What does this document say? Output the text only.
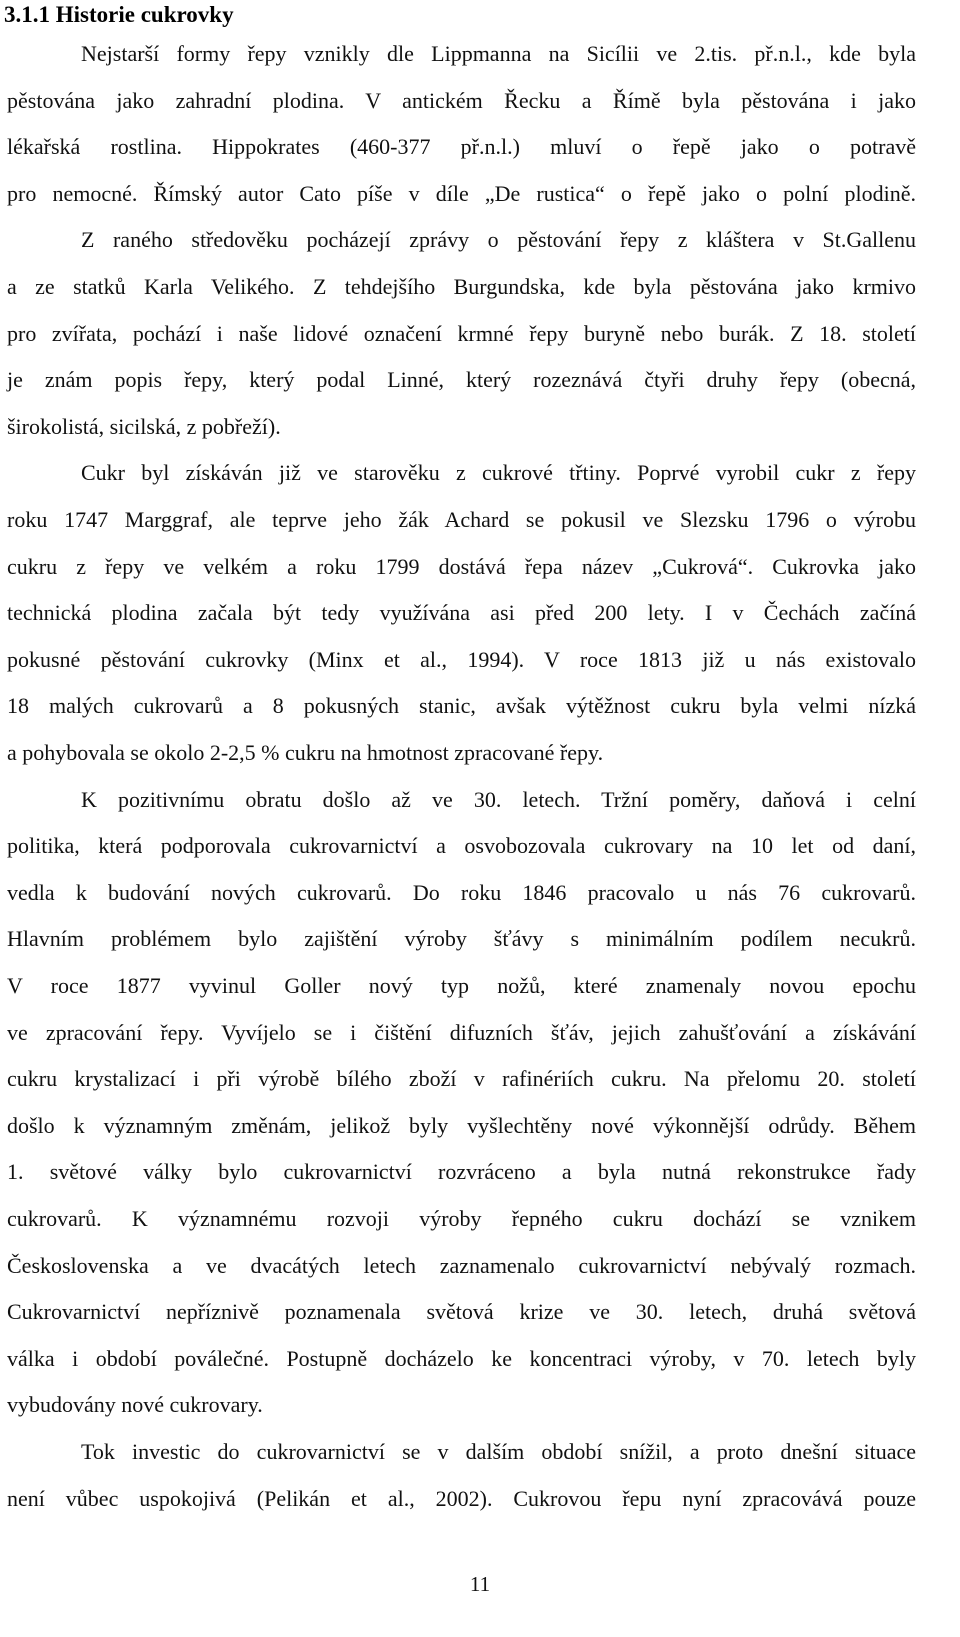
3.1.1 Historie cukrovky
Nejstarší formy řepy vznikly dle Lippmanna na Sicílii ve 2.tis. př.n.l., kde byla
pěstována jako zahradní plodina. V antickém Řecku a Římě byla pěstována i jako
lékařská rostlina. Hippokrates (460-377 př.n.l.) mluví o řepě jako o potravě
pro nemocné. Římský autor Cato píše v díle „De rustica“ o řepě jako o polní plodině.
Z raného středověku pocházejí zprávy o pěstování řepy z kláštera v St.Gallenu
a ze statků Karla Velikého. Z tehdejšího Burgundska, kde byla pěstována jako krmivo
pro zvířata, pochází i naše lidové označení krmné řepy buryně nebo burák. Z 18. století
je znám popis řepy, který podal Linné, který rozeznává čtyři druhy řepy (obecná,
širokolistá, sicilská, z pobřeží).
Cukr byl získáván již ve starověku z cukrové třtiny. Poprvé vyrobil cukr z řepy
roku 1747 Marggraf, ale teprve jeho žák Achard se pokusil ve Slezsku 1796 o výrobu
cukru z řepy ve velkém a roku 1799 dostává řepa název „Cukrová“. Cukrovka jako
technická plodina začala být tedy využívána asi před 200 lety. I v Čechách začíná
pokusné pěstování cukrovky (Minx et al., 1994). V roce 1813 již u nás existovalo
18 malých cukrovarů a 8 pokusných stanic, avšak výtěžnost cukru byla velmi nízká
a pohybovala se okolo 2-2,5 % cukru na hmotnost zpracované řepy.
K pozitivnímu obratu došlo až ve 30. letech. Tržní poměry, daňová i celní
politika, která podporovala cukrovarnictví a osvobozovala cukrovary na 10 let od daní,
vedla k budování nových cukrovarů. Do roku 1846 pracovalo u nás 76 cukrovarů.
Hlavním problémem bylo zajištění výroby šťávy s minimálním podílem necukrů.
V roce 1877 vyvinul Goller nový typ nožů, které znamenaly novou epochu
ve zpracování řepy. Vyvíjelo se i čištění difuzních šťáv, jejich zahušťování a získávání
cukru krystalizací i při výrobě bílého zboží v rafinériích cukru. Na přelomu 20. století
došlo k významným změnám, jelikož byly vyšlechtěny nové výkonnější odrůdy. Během
1. světové války bylo cukrovarnictví rozvráceno a byla nutná rekonstrukce řady
cukrovarů. K významnému rozvoji výroby řepného cukru dochází se vznikem
Československa a ve dvacátých letech zaznamenalo cukrovarnictví nebývalý rozmach.
Cukrovarnictví nepříznivě poznamenala světová krize ve 30. letech, druhá světová
válka i období poválečné. Postupně docházelo ke koncentraci výroby, v 70. letech byly
vybudovány nové cukrovary.
Tok investic do cukrovarnictví se v dalším období snížil, a proto dnešní situace
není vůbec uspokojivá (Pelikán et al., 2002). Cukrovou řepu nyní zpracovává pouze
11
